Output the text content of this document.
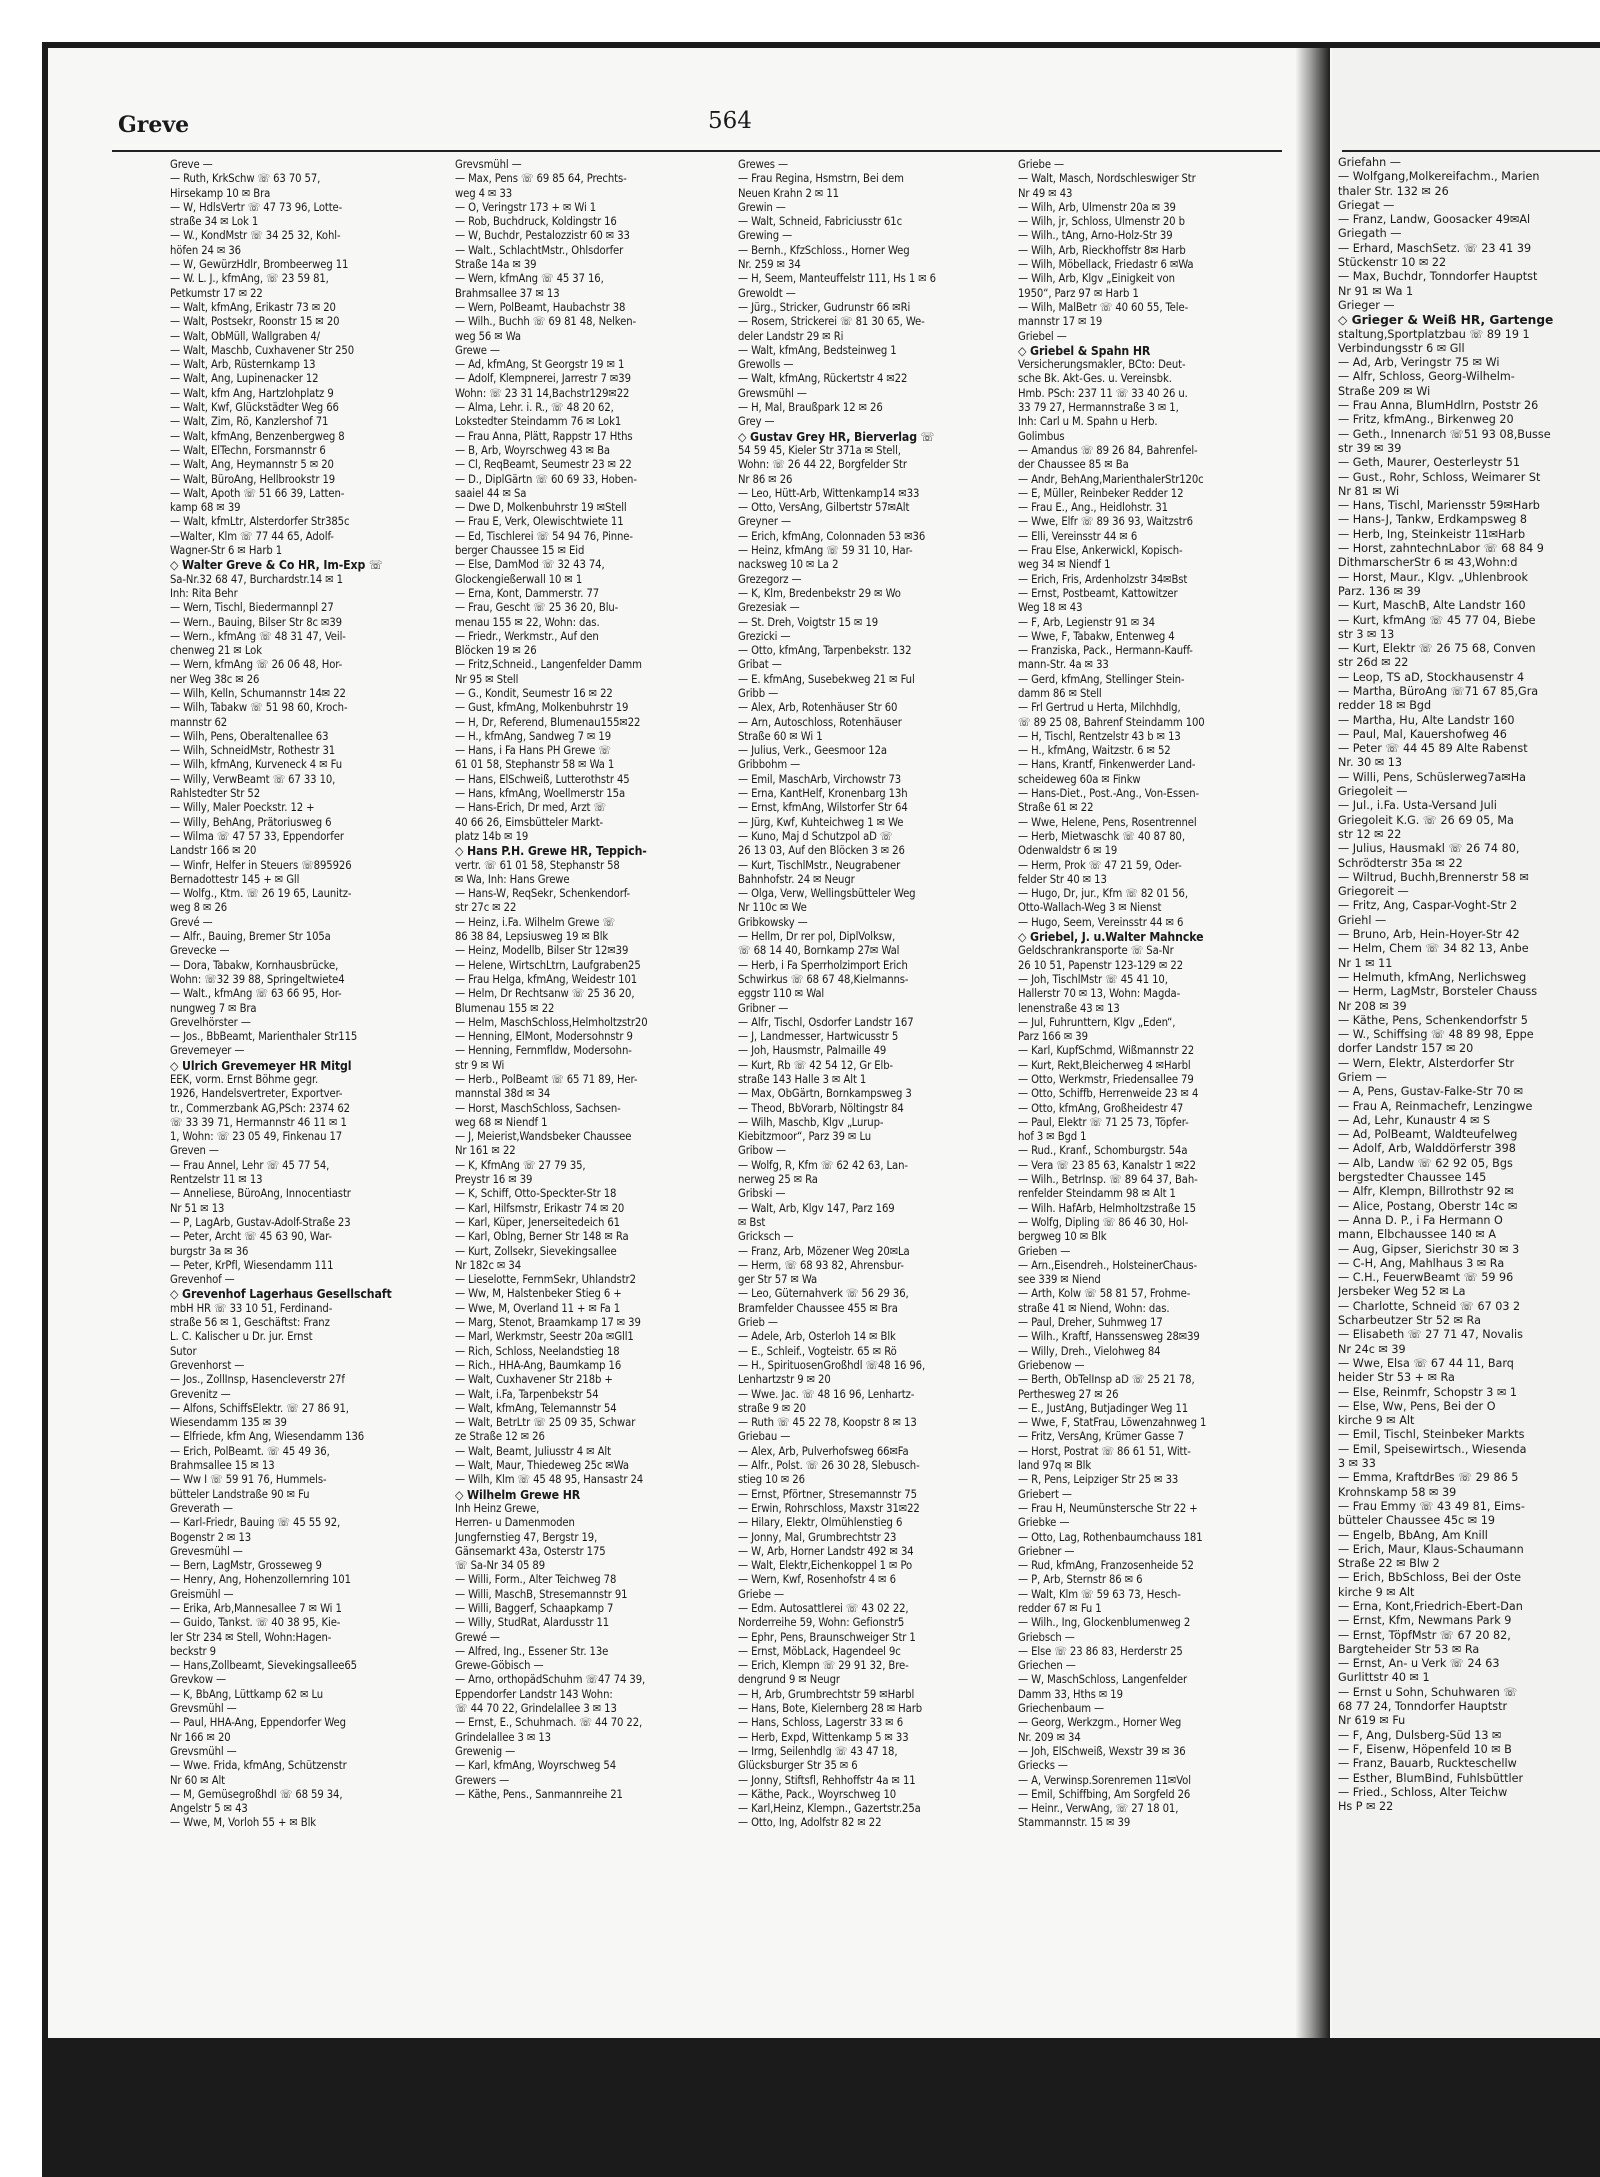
Greve	564
Greve —
— Ruth, KrkSchw ☏ 63 70 57,
Hirsekamp 10 ✉ Bra
— W, HdlsVertr ☏ 47 73 96, Lotte-
straße 34 ✉ Lok 1
— W., KondMstr ☏ 34 25 32, Kohl-
höfen 24 ✉ 36
— W, GewürzHdlr, Brombeerweg 11
— W. L. J., kfmAng, ☏ 23 59 81,
Petkumstr 17 ✉ 22
— Walt, kfmAng, Erikastr 73 ✉ 20
— Walt, Postsekr, Roonstr 15 ✉ 20
— Walt, ObMüll, Wallgraben 4/
— Walt, Maschb, Cuxhavener Str 250
— Walt, Arb, Rüsternkamp 13
— Walt, Ang, Lupinenacker 12
— Walt, kfm Ang, Hartzlohplatz 9
— Walt, Kwf, Glückstädter Weg 66
— Walt, Zim, Rö, Kanzlershof 71
— Walt, kfmAng, Benzenbergweg 8
— Walt, ElTechn, Forsmannstr 6
— Walt, Ang, Heymannstr 5 ✉ 20
— Walt, BüroAng, Hellbrookstr 19
— Walt, Apoth ☏ 51 66 39, Latten-
kamp 68 ✉ 39
— Walt, kfmLtr, Alsterdorfer Str385c
—Walter, Klm ☏ 77 44 65, Adolf-
Wagner-Str 6 ✉ Harb 1
◇ Walter Greve & Co HR, Im-Exp ☏
Sa-Nr.32 68 47, Burchardstr.14 ✉ 1
Inh: Rita Behr
— Wern, Tischl, Biedermannpl 27
— Wern., Bauing, Bilser Str 8c ✉39
— Wern., kfmAng ☏ 48 31 47, Veil-
chenweg 21 ✉ Lok
— Wern, kfmAng ☏ 26 06 48, Hor-
ner Weg 38c ✉ 26
— Wilh, Kelln, Schumannstr 14✉ 22
— Wilh, Tabakw ☏ 51 98 60, Kroch-
mannstr 62
— Wilh, Pens, Oberaltenallee 63
— Wilh, SchneidMstr, Rothestr 31
— Wilh, kfmAng, Kurveneck 4 ✉ Fu
— Willy, VerwBeamt ☏ 67 33 10,
Rahlstedter Str 52
— Willy, Maler Poeckstr. 12 +
— Willy, BehAng, Prätoriusweg 6
— Wilma ☏ 47 57 33, Eppendorfer
Landstr 166 ✉ 20
— Winfr, Helfer in Steuers ☏895926
Bernadottestr 145 + ✉ Gll
— Wolfg., Ktm. ☏ 26 19 65, Launitz-
weg 8 ✉ 26
Grevé —
— Alfr., Bauing, Bremer Str 105a
Grevecke —
— Dora, Tabakw, Kornhausbrücke,
Wohn: ☏32 39 88, Springeltwiete4
— Walt., kfmAng ☏ 63 66 95, Hor-
nungweg 7 ✉ Bra
Grevelhörster —
— Jos., BbBeamt, Marienthaler Str115
Grevemeyer —
◇ Ulrich Grevemeyer HR Mitgl
EEK, vorm. Ernst Böhme gegr.
1926, Handelsvertreter, Exportver-
tr., Commerzbank AG,PSch: 2374 62
☏ 33 39 71, Hermannstr 46 11 ✉ 1
1, Wohn: ☏ 23 05 49, Finkenau 17
Greven —
— Frau Annel, Lehr ☏ 45 77 54,
Rentzelstr 11 ✉ 13
— Anneliese, BüroAng, Innocentiastr
Nr 51 ✉ 13
— P, LagArb, Gustav-Adolf-Straße 23
— Peter, Archt ☏ 45 63 90, War-
burgstr 3a ✉ 36
— Peter, KrPfl, Wiesendamm 111
Grevenhof —
◇ Grevenhof Lagerhaus Gesellschaft
mbH HR ☏ 33 10 51, Ferdinand-
straße 56 ✉ 1, Geschäftst: Franz
L. C. Kalischer u Dr. jur. Ernst
Sutor
Grevenhorst —
— Jos., ZollInsp, Hasencleverstr 27f
Grevenitz —
— Alfons, SchiffsElektr. ☏ 27 86 91,
Wiesendamm 135 ✉ 39
— Elfriede, kfm Ang, Wiesendamm 136
— Erich, PolBeamt. ☏ 45 49 36,
Brahmsallee 15 ✉ 13
— Ww I ☏ 59 91 76, Hummels-
bütteler Landstraße 90 ✉ Fu
Greverath —
— Karl-Friedr, Bauing ☏ 45 55 92,
Bogenstr 2 ✉ 13
Grevesmühl —
— Bern, LagMstr, Grosseweg 9
— Henry, Ang, Hohenzollernring 101
Greismühl —
— Erika, Arb,Mannesallee 7 ✉ Wi 1
— Guido, Tankst. ☏ 40 38 95, Kie-
ler Str 234 ✉ Stell, Wohn:Hagen-
beckstr 9
— Hans,Zollbeamt, Sievekingsallee65
Grevkow —
— K, BbAng, Lüttkamp 62 ✉ Lu
Grevsmühl —
— Paul, HHA-Ang, Eppendorfer Weg
Nr 166 ✉ 20
Grevsmühl —
— Wwe. Frida, kfmAng, Schützenstr
Nr 60 ✉ Alt
— M, GemüsegroßhdI ☏ 68 59 34,
Angelstr 5 ✉ 43
— Wwe, M, Vorloh 55 + ✉ Blk
Grevsmühl —
— Max, Pens ☏ 69 85 64, Prechts-
weg 4 ✉ 33
— O, Veringstr 173 + ✉ Wi 1
— Rob, Buchdruck, Koldingstr 16
— W, Buchdr, Pestalozzistr 60 ✉ 33
— Walt., SchlachtMstr., Ohlsdorfer
Straße 14a ✉ 39
— Wern, kfmAng ☏ 45 37 16,
Brahmsallee 37 ✉ 13
— Wern, PolBeamt, Haubachstr 38
— Wilh., Buchh ☏ 69 81 48, Nelken-
weg 56 ✉ Wa
Grewe —
— Ad, kfmAng, St Georgstr 19 ✉ 1
— Adolf, Klempnerei, Jarrestr 7 ✉39
Wohn: ☏ 23 31 14,Bachstr129✉22
— Alma, Lehr. i. R., ☏ 48 20 62,
Lokstedter Steindamm 76 ✉ Lok1
— Frau Anna, Plätt, Rappstr 17 Hths
— B, Arb, Woyrschweg 43 ✉ Ba
— Cl, ReqBeamt, Seumestr 23 ✉ 22
— D., DiplGärtn ☏ 60 69 33, Hoben-
saaiel 44 ✉ Sa
— Dwe D, Molkenbuhrstr 19 ✉Stell
— Frau E, Verk, Olewischtwiete 11
— Ed, Tischlerei ☏ 54 94 76, Pinne-
berger Chaussee 15 ✉ Eid
— Else, DamMod ☏ 32 43 74,
Glockengießerwall 10 ✉ 1
— Erna, Kont, Dammerstr. 77
— Frau, Gescht ☏ 25 36 20, Blu-
menau 155 ✉ 22, Wohn: das.
— Friedr., Werkmstr., Auf den
Blöcken 19 ✉ 26
— Fritz,Schneid., Langenfelder Damm
Nr 95 ✉ Stell
— G., Kondit, Seumestr 16 ✉ 22
— Gust, kfmAng, Molkenbuhrstr 19
— H, Dr, Referend, Blumenau155✉22
— H., kfmAng, Sandweg 7 ✉ 19
— Hans, i Fa Hans PH Grewe ☏
61 01 58, Stephanstr 58 ✉ Wa 1
— Hans, ElSchweiß, Lutterothstr 45
— Hans, kfmAng, Woellmerstr 15a
— Hans-Erich, Dr med, Arzt ☏
40 66 26, Eimsbütteler Markt-
platz 14b ✉ 19
◇ Hans P.H. Grewe HR, Teppich-
vertr. ☏ 61 01 58, Stephanstr 58
✉ Wa, Inh: Hans Grewe
— Hans-W, ReqSekr, Schenkendorf-
str 27c ✉ 22
— Heinz, i.Fa. Wilhelm Grewe ☏
86 38 84, Lepsiusweg 19 ✉ Blk
— Heinz, Modellb, Bilser Str 12✉39
— Helene, WirtschLtrn, Laufgraben25
— Frau Helga, kfmAng, Weidestr 101
— Helm, Dr Rechtsanw ☏ 25 36 20,
Blumenau 155 ✉ 22
— Helm, MaschSchloss,Helmholtzstr20
— Henning, ElMont, Modersohnstr 9
— Henning, Fernmfldw, Modersohn-
str 9 ✉ Wi
— Herb., PolBeamt ☏ 65 71 89, Her-
mannstal 38d ✉ 34
— Horst, MaschSchloss, Sachsen-
weg 68 ✉ Niendf 1
— J, Meierist,Wandsbeker Chaussee
Nr 161 ✉ 22
— K, KfmAng ☏ 27 79 35,
Preystr 16 ✉ 39
— K, Schiff, Otto-Speckter-Str 18
— Karl, Hilfsmstr, Erikastr 74 ✉ 20
— Karl, Küper, Jenerseitedeich 61
— Karl, Oblng, Berner Str 148 ✉ Ra
— Kurt, Zollsekr, Sievekingsallee
Nr 182c ✉ 34
— Lieselotte, FernmSekr, Uhlandstr2
— Ww, M, Halstenbeker Stieg 6 +
— Wwe, M, Overland 11 + ✉ Fa 1
— Marg, Stenot, Braamkamp 17 ✉ 39
— Marl, Werkmstr, Seestr 20a ✉Gll1
— Rich, Schloss, Neelandstieg 18
— Rich., HHA-Ang, Baumkamp 16
— Walt, Cuxhavener Str 218b +
— Walt, i.Fa, Tarpenbekstr 54
— Walt, kfmAng, Telemannstr 54
— Walt, BetrLtr ☏ 25 09 35, Schwar
ze Straße 12 ✉ 26
— Walt, Beamt, Juliusstr 4 ✉ Alt
— Walt, Maur, Thiedeweg 25c ✉Wa
— Wilh, Klm ☏ 45 48 95, Hansastr 24
◇ Wilhelm Grewe HR
Inh Heinz Grewe,
Herren- u Damenmoden
Jungfernstieg 47, Bergstr 19,
Gänsemarkt 43a, Osterstr 175
☏ Sa-Nr 34 05 89
— Willi, Form., Alter Teichweg 78
— Willi, MaschB, Stresemannstr 91
— Willi, Baggerf, Schaapkamp 7
— Willy, StudRat, Alardusstr 11
Grewé —
— Alfred, Ing., Essener Str. 13e
Grewe-Göbisch —
— Arno, orthopädSchuhm ☏47 74 39,
Eppendorfer Landstr 143 Wohn:
☏ 44 70 22, Grindelallee 3 ✉ 13
— Ernst, E., Schuhmach. ☏ 44 70 22,
Grindelallee 3 ✉ 13
Grewenig —
— Karl, kfmAng, Woyrschweg 54
Grewers —
— Käthe, Pens., Sanmannreihe 21
Grewes —
— Frau Regina, Hsmstrn, Bei dem
Neuen Krahn 2 ✉ 11
Grewin —
— Walt, Schneid, Fabriciusstr 61c
Grewing —
— Bernh., KfzSchloss., Horner Weg
Nr. 259 ✉ 34
— H, Seem, Manteuffelstr 111, Hs 1 ✉ 6
Grewoldt —
— Jürg., Stricker, Gudrunstr 66 ✉Ri
— Rosem, Strickerei ☏ 81 30 65, We-
deler Landstr 29 ✉ Ri
— Walt, kfmAng, Bedsteinweg 1
Grewolls —
— Walt, kfmAng, Rückertstr 4 ✉22
Grewsmühl —
— H, Mal, Braußpark 12 ✉ 26
Grey —
◇ Gustav Grey HR, Bierverlag ☏
54 59 45, Kieler Str 371a ✉ Stell,
Wohn: ☏ 26 44 22, Borgfelder Str
Nr 86 ✉ 26
— Leo, Hütt-Arb, Wittenkamp14 ✉33
— Otto, VersAng, Gilbertstr 57✉Alt
Greyner —
— Erich, kfmAng, Colonnaden 53 ✉36
— Heinz, kfmAng ☏ 59 31 10, Har-
nacksweg 10 ✉ La 2
Grezegorz —
— K, Klm, Bredenbekstr 29 ✉ Wo
Grezesiak —
— St. Dreh, Voigtstr 15 ✉ 19
Grezicki —
— Otto, kfmAng, Tarpenbekstr. 132
Gribat —
— E. kfmAng, Susebekweg 21 ✉ Ful
Gribb —
— Alex, Arb, Rotenhäuser Str 60
— Arn, Autoschloss, Rotenhäuser
Straße 60 ✉ Wi 1
— Julius, Verk., Geesmoor 12a
Gribbohm —
— Emil, MaschArb, Virchowstr 73
— Erna, KantHelf, Kronenbarg 13h
— Ernst, kfmAng, Wilstorfer Str 64
— Jürg, Kwf, Kuhteichweg 1 ✉ We
— Kuno, Maj d Schutzpol aD ☏
26 13 03, Auf den Blöcken 3 ✉ 26
— Kurt, TischlMstr., Neugrabener
Bahnhofstr. 24 ✉ Neugr
— Olga, Verw, Wellingsbütteler Weg
Nr 110c ✉ We
Gribkowsky —
— Hellm, Dr rer pol, DiplVolksw,
☏ 68 14 40, Bornkamp 27✉ Wal
— Herb, i Fa Sperrholzimport Erich
Schwirkus ☏ 68 67 48,Kielmanns-
eggstr 110 ✉ Wal
Gribner —
— Alfr, Tischl, Osdorfer Landstr 167
— J, Landmesser, Hartwicusstr 5
— Joh, Hausmstr, Palmaille 49
— Kurt, Rb ☏ 42 54 12, Gr Elb-
straße 143 Halle 3 ✉ Alt 1
— Max, ObGärtn, Bornkampsweg 3
— Theod, BbVorarb, Nöltingstr 84
— Wilh, Maschb, Klgv „Lurup-
Kiebitzmoor“, Parz 39 ✉ Lu
Gribow —
— Wolfg, R, Kfm ☏ 62 42 63, Lan-
nerweg 25 ✉ Ra
Gribski —
— Walt, Arb, Klgv 147, Parz 169
✉ Bst
Gricksch —
— Franz, Arb, Mözener Weg 20✉La
— Herm, ☏ 68 93 82, Ahrensbur-
ger Str 57 ✉ Wa
— Leo, Güternahverk ☏ 56 29 36,
Bramfelder Chaussee 455 ✉ Bra
Grieb —
— Adele, Arb, Osterloh 14 ✉ Blk
— E., Schleif., Vogteistr. 65 ✉ Rö
— H., SpirituosenGroßhdl ☏48 16 96,
Lenhartzstr 9 ✉ 20
— Wwe. Jac. ☏ 48 16 96, Lenhartz-
straße 9 ✉ 20
— Ruth ☏ 45 22 78, Koopstr 8 ✉ 13
Griebau —
— Alex, Arb, Pulverhofsweg 66✉Fa
— Alfr., Polst. ☏ 26 30 28, Slebusch-
stieg 10 ✉ 26
— Ernst, Pförtner, Stresemannstr 75
— Erwin, Rohrschloss, Maxstr 31✉22
— Hilary, Elektr, Olmühlenstieg 6
— Jonny, Mal, Grumbrechtstr 23
— W, Arb, Horner Landstr 492 ✉ 34
— Walt, Elektr,Eichenkoppel 1 ✉ Po
— Wern, Kwf, Rosenhofstr 4 ✉ 6
Griebe —
— Edm. Autosattlerei ☏ 43 02 22,
Norderreihe 59, Wohn: Gefionstr5
— Ephr, Pens, Braunschweiger Str 1
— Ernst, MöbLack, Hagendeel 9c
— Erich, Klempn ☏ 29 91 32, Bre-
dengrund 9 ✉ Neugr
— H, Arb, Grumbrechtstr 59 ✉Harbl
— Hans, Bote, Kielernberg 28 ✉ Harb
— Hans, Schloss, Lagerstr 33 ✉ 6
— Herb, Expd, Wittenkamp 5 ✉ 33
— Irmg, Seilenhdlg ☏ 43 47 18,
Glücksburger Str 35 ✉ 6
— Jonny, Stiftsfl, Rehhoffstr 4a ✉ 11
— Käthe, Pack., Woyrschweg 10
— Karl,Heinz, Klempn., Gazertstr.25a
— Otto, Ing, Adolfstr 82 ✉ 22
Griebe —
— Walt, Masch, Nordschleswiger Str
Nr 49 ✉ 43
— Wilh, Arb, Ulmenstr 20a ✉ 39
— Wilh, jr, Schloss, Ulmenstr 20 b
— Wilh., tAng, Arno-Holz-Str 39
— Wilh, Arb, Rieckhoffstr 8✉ Harb
— Wilh, Möbellack, Friedastr 6 ✉Wa
— Wilh, Arb, Klgv „Einigkeit von
1950“, Parz 97 ✉ Harb 1
— Wilh, MalBetr ☏ 40 60 55, Tele-
mannstr 17 ✉ 19
Griebel —
◇ Griebel & Spahn HR
Versicherungsmakler, BCto: Deut-
sche Bk. Akt-Ges. u. Vereinsbk.
Hmb. PSch: 237 11 ☏ 33 40 26 u.
33 79 27, Hermannstraße 3 ✉ 1,
Inh: Carl u M. Spahn u Herb.
Golimbus
— Amandus ☏ 89 26 84, Bahrenfel-
der Chaussee 85 ✉ Ba
— Andr, BehAng,MarienthalerStr120c
— E, Müller, Reinbeker Redder 12
— Frau E., Ang., Heidlohstr. 31
— Wwe, Elfr ☏ 89 36 93, Waitzstr6
— Elli, Vereinsstr 44 ✉ 6
— Frau Else, Ankerwickl, Kopisch-
weg 34 ✉ Niendf 1
— Erich, Fris, Ardenholzstr 34✉Bst
— Ernst, Postbeamt, Kattowitzer
Weg 18 ✉ 43
— F, Arb, Legienstr 91 ✉ 34
— Wwe, F, Tabakw, Entenweg 4
— Franziska, Pack., Hermann-Kauff-
mann-Str. 4a ✉ 33
— Gerd, kfmAng, Stellinger Stein-
damm 86 ✉ Stell
— Frl Gertrud u Herta, Milchhdlg,
☏ 89 25 08, Bahrenf Steindamm 100
— H, Tischl, Rentzelstr 43 b ✉ 13
— H., kfmAng, Waitzstr. 6 ✉ 52
— Hans, Krantf, Finkenwerder Land-
scheideweg 60a ✉ Finkw
— Hans-Diet., Post.-Ang., Von-Essen-
Straße 61 ✉ 22
— Wwe, Helene, Pens, Rosentrennel
— Herb, Mietwaschk ☏ 40 87 80,
Odenwaldstr 6 ✉ 19
— Herm, Prok ☏ 47 21 59, Oder-
felder Str 40 ✉ 13
— Hugo, Dr, jur., Kfm ☏ 82 01 56,
Otto-Wallach-Weg 3 ✉ Nienst
— Hugo, Seem, Vereinsstr 44 ✉ 6
◇ Griebel, J. u.Walter Mahncke
Geldschrankransporte ☏ Sa-Nr
26 10 51, Papenstr 123-129 ✉ 22
— Joh, TischlMstr ☏ 45 41 10,
Hallerstr 70 ✉ 13, Wohn: Magda-
lenenstraße 43 ✉ 13
— Jul, Fuhrunttern, Klgv „Eden“,
Parz 166 ✉ 39
— Karl, KupfSchmd, Wißmannstr 22
— Kurt, Rekt,Bleicherweg 4 ✉Harbl
— Otto, Werkmstr, Friedensallee 79
— Otto, Schiffb, Herrenweide 23 ✉ 4
— Otto, kfmAng, Großheidestr 47
— Paul, Elektr ☏ 71 25 73, Töpfer-
hof 3 ✉ Bgd 1
— Rud., Kranf., Schomburgstr. 54a
— Vera ☏ 23 85 63, Kanalstr 1 ✉22
— Wilh., BetrInsp. ☏ 89 64 37, Bah-
renfelder Steindamm 98 ✉ Alt 1
— Wilh. HafArb, Helmholtzstraße 15
— Wolfg, Dipling ☏ 86 46 30, Hol-
bergweg 10 ✉ Blk
Grieben —
— Arn.,Eisendreh., HolsteinerChaus-
see 339 ✉ Niend
— Arth, Kolw ☏ 58 81 57, Frohme-
straße 41 ✉ Niend, Wohn: das.
— Paul, Dreher, Suhmweg 17
— Wilh., Kraftf, Hanssensweg 28✉39
— Willy, Dreh., Vielohweg 84
Griebenow —
— Berth, ObTelInsp aD ☏ 25 21 78,
Perthesweg 27 ✉ 26
— E., JustAng, Butjadinger Weg 11
— Wwe, F, StatFrau, Löwenzahnweg 1
— Fritz, VersAng, Krümer Gasse 7
— Horst, Postrat ☏ 86 61 51, Witt-
land 97q ✉ Blk
— R, Pens, Leipziger Str 25 ✉ 33
Griebert —
— Frau H, Neumünstersche Str 22 +
Griebke —
— Otto, Lag, Rothenbaumchauss 181
Griebner —
— Rud, kfmAng, Franzosenheide 52
— P, Arb, Sternstr 86 ✉ 6
— Walt, Klm ☏ 59 63 73, Hesch-
redder 67 ✉ Fu 1
— Wilh., Ing, Glockenblumenweg 2
Griebsch —
— Else ☏ 23 86 83, Herderstr 25
Griechen —
— W, MaschSchloss, Langenfelder
Damm 33, Hths ✉ 19
Griechenbaum —
— Georg, Werkzgm., Horner Weg
Nr. 209 ✉ 34
— Joh, ElSchweiß, Wexstr 39 ✉ 36
Griecks —
— A, Verwinsp.Sorenremen 11✉Vol
— Emil, Schiffbing, Am Sorgfeld 26
— Heinr., VerwAng, ☏ 27 18 01,
Stammannstr. 15 ✉ 39
Griefahn —
— Wolfgang,Molkereifachm., Marien
thaler Str. 132 ✉ 26
Griegat —
— Franz, Landw, Goosacker 49✉Al
Griegath —
— Erhard, MaschSetz. ☏ 23 41 39
Stückenstr 10 ✉ 22
— Max, Buchdr, Tonndorfer Hauptst
Nr 91 ✉ Wa 1
Grieger —
◇ Grieger & Weiß HR, Gartenge
staltung,Sportplatzbau ☏ 89 19 1
Verbindungsstr 6 ✉ Gll
— Ad, Arb, Veringstr 75 ✉ Wi
— Alfr, Schloss, Georg-Wilhelm-
Straße 209 ✉ Wi
— Frau Anna, BlumHdlrn, Poststr 26
— Fritz, kfmAng., Birkenweg 20
— Geth., Innenarch ☏51 93 08,Busse
str 39 ✉ 39
— Geth, Maurer, Oesterleystr 51
— Gust., Rohr, Schloss, Weimarer St
Nr 81 ✉ Wi
— Hans, Tischl, Mariensstr 59✉Harb
— Hans-J, Tankw, Erdkampsweg 8
— Herb, Ing, Steinkeistr 11✉Harb
— Horst, zahntechnLabor ☏ 68 84 9
DithmarscherStr 6 ✉ 43,Wohn:d
— Horst, Maur., Klgv. „Uhlenbrook
Parz. 136 ✉ 39
— Kurt, MaschB, Alte Landstr 160
— Kurt, kfmAng ☏ 45 77 04, Biebe
str 3 ✉ 13
— Kurt, Elektr ☏ 26 75 68, Conven
str 26d ✉ 22
— Leop, TS aD, Stockhausenstr 4
— Martha, BüroAng ☏71 67 85,Gra
redder 18 ✉ Bgd
— Martha, Hu, Alte Landstr 160
— Paul, Mal, Kauershofweg 46
— Peter ☏ 44 45 89 Alte Rabenst
Nr. 30 ✉ 13
— Willi, Pens, Schüslerweg7a✉Ha
Griegoleit —
— Jul., i.Fa. Usta-Versand Juli
Griegoleit K.G. ☏ 26 69 05, Ma
str 12 ✉ 22
— Julius, Hausmakl ☏ 26 74 80,
Schrödterstr 35a ✉ 22
— Wiltrud, Buchh,Brennerstr 58 ✉
Griegoreit —
— Fritz, Ang, Caspar-Voght-Str 2
Griehl —
— Bruno, Arb, Hein-Hoyer-Str 42
— Helm, Chem ☏ 34 82 13, Anbe
Nr 1 ✉ 11
— Helmuth, kfmAng, Nerlichsweg
— Herm, LagMstr, Borsteler Chauss
Nr 208 ✉ 39
— Käthe, Pens, Schenkendorfstr 5
— W., Schiffsing ☏ 48 89 98, Eppe
dorfer Landstr 157 ✉ 20
— Wern, Elektr, Alsterdorfer Str
Griem —
— A, Pens, Gustav-Falke-Str 70 ✉
— Frau A, Reinmachefr, Lenzingwe
— Ad, Lehr, Kunaustr 4 ✉ S
— Ad, PolBeamt, Waldteufelweg
— Adolf, Arb, Walddörferstr 398
— Alb, Landw ☏ 62 92 05, Bgs
bergstedter Chaussee 145
— Alfr, Klempn, Billrothstr 92 ✉
— Alice, Postang, Oberstr 14c ✉
— Anna D. P., i Fa Hermann O
mann, Elbchaussee 140 ✉ A
— Aug, Gipser, Sierichstr 30 ✉ 3
— C-H, Ang, Mahlhaus 3 ✉ Ra
— C.H., FeuerwBeamt ☏ 59 96
Jersbeker Weg 52 ✉ La
— Charlotte, Schneid ☏ 67 03 2
Scharbeutzer Str 52 ✉ Ra
— Elisabeth ☏ 27 71 47, Novalis
Nr 24c ✉ 39
— Wwe, Elsa ☏ 67 44 11, Barq
heider Str 53 + ✉ Ra
— Else, Reinmfr, Schopstr 3 ✉ 1
— Else, Ww, Pens, Bei der O
kirche 9 ✉ Alt
— Emil, Tischl, Steinbeker Markts
— Emil, Speisewirtsch., Wiesenda
3 ✉ 33
— Emma, KraftdrBes ☏ 29 86 5
Krohnskamp 58 ✉ 39
— Frau Emmy ☏ 43 49 81, Eims-
bütteler Chaussee 45c ✉ 19
— Engelb, BbAng, Am Knill
— Erich, Maur, Klaus-Schaumann
Straße 22 ✉ Blw 2
— Erich, BbSchloss, Bei der Oste
kirche 9 ✉ Alt
— Erna, Kont,Friedrich-Ebert-Dan
— Ernst, Kfm, Newmans Park 9
— Ernst, TöpfMstr ☏ 67 20 82,
Bargteheider Str 53 ✉ Ra
— Ernst, An- u Verk ☏ 24 63
Gurlittstr 40 ✉ 1
— Ernst u Sohn, Schuhwaren ☏
68 77 24, Tonndorfer Hauptstr
Nr 619 ✉ Fu
— F, Ang, Dulsberg-Süd 13 ✉
— F, Eisenw, Höpenfeld 10 ✉ B
— Franz, Bauarb, Ruckteschellw
— Esther, BlumBind, Fuhlsbüttler
— Fried., Schloss, Alter Teichw
Hs P ✉ 22
